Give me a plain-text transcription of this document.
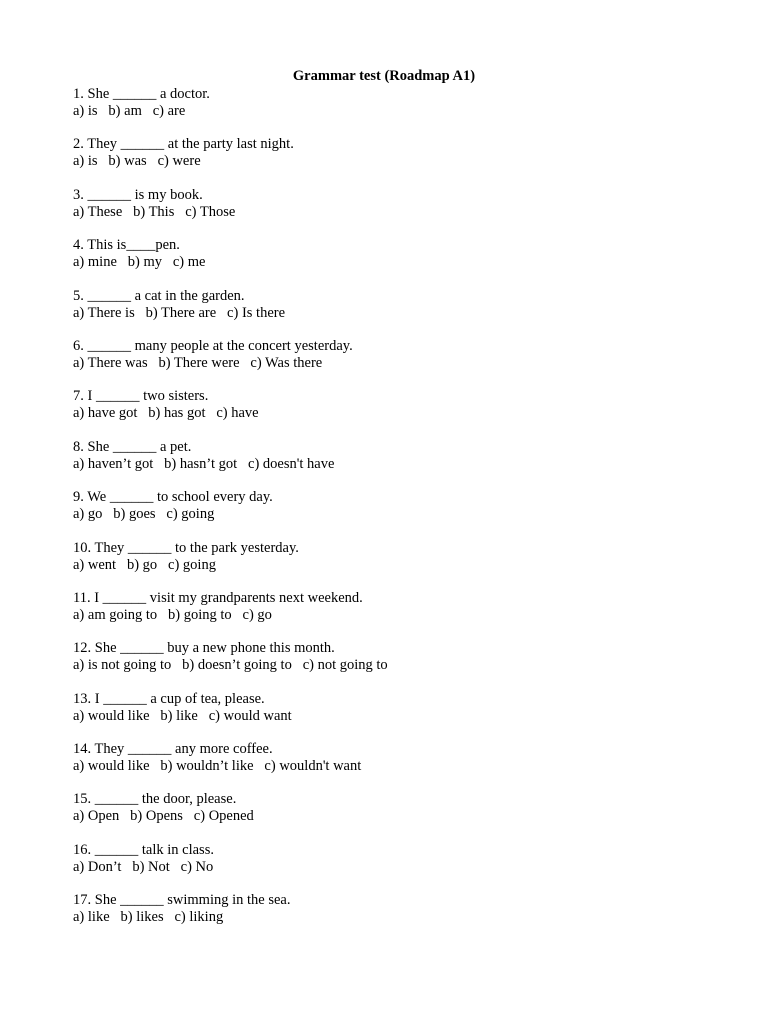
Grammar test (Roadmap A1)
1. She ______ a doctor.
a) is   b) am   c) are
2. They ______ at the party last night.
a) is   b) was   c) were
3. ______ is my book.
a) These   b) This   c) Those
4. This is____pen.
a) mine   b) my   c) me
5. ______ a cat in the garden.
a) There is   b) There are   c) Is there
6. ______ many people at the concert yesterday.
a) There was   b) There were   c) Was there
7. I ______ two sisters.
a) have got   b) has got   c) have
8. She ______ a pet.
a) haven’t got   b) hasn’t got   c) doesn't have
9. We ______ to school every day.
a) go   b) goes   c) going
10. They ______ to the park yesterday.
a) went   b) go   c) going
11. I ______ visit my grandparents next weekend.
a) am going to   b) going to   c) go
12. She ______ buy a new phone this month.
a) is not going to   b) doesn’t going to   c) not going to
13. I ______ a cup of tea, please.
a) would like   b) like   c) would want
14. They ______ any more coffee.
a) would like   b) wouldn’t like   c) wouldn't want
15. ______ the door, please.
a) Open   b) Opens   c) Opened
16. ______ talk in class.
a) Don’t   b) Not   c) No
17. She ______ swimming in the sea.
a) like   b) likes   c) liking
